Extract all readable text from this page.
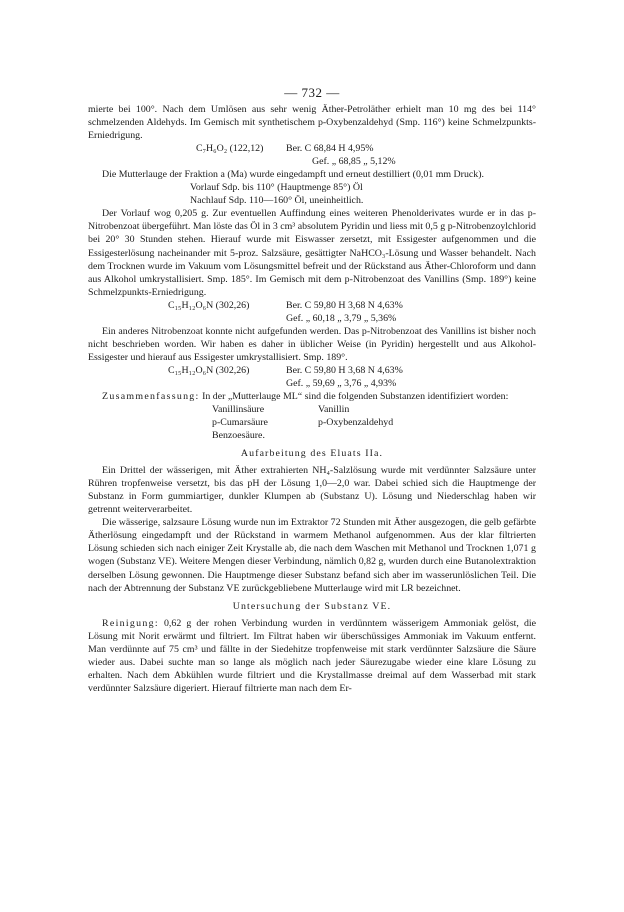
— 732 —

mierte bei 100°. Nach dem Umlösen aus sehr wenig Äther-Petroläther erhielt man 10 mg des bei 114° schmelzenden Aldehyds. Im Gemisch mit synthetischem p-Oxybenzaldehyd (Smp. 116°) keine Schmelzpunkts-Erniedrigung.

C₇H₆O₂ (122,12) Ber. C 68,84 H 4,95%
Gef. „ 68,85 „ 5,12%

Die Mutterlauge der Fraktion a (Ma) wurde eingedampft und erneut destilliert (0,01 mm Druck).

Vorlauf Sdp. bis 110° (Hauptmenge 85°) Öl
Nachlauf Sdp. 110—160° Öl, uneinheitlich.

Der Vorlauf wog 0,205 g. Zur eventuellen Auffindung eines weiteren Phenolderivates wurde er in das p-Nitrobenzoat übergeführt. Man löste das Öl in 3 cm³ absolutem Pyridin und liess mit 0,5 g p-Nitrobenzoylchlorid bei 20° 30 Stunden stehen. Hierauf wurde mit Eiswasser zersetzt, mit Essigester aufgenommen und die Essigesterlösung nacheinander mit 5-proz. Salzsäure, gesättigter NaHCO₃-Lösung und Wasser behandelt. Nach dem Trocknen wurde im Vakuum vom Lösungsmittel befreit und der Rückstand aus Äther-Chloroform und dann aus Alkohol umkrystallisiert. Smp. 185°. Im Gemisch mit dem p-Nitrobenzoat des Vanillins (Smp. 189°) keine Schmelzpunkts-Erniedrigung.

C₁₅H₁₂O₆N (302,26)	Ber. C 59,80 H 3,68 N 4,63%
Gef. „ 60,18 „ 3,79 „ 5,36%

Ein anderes Nitrobenzoat konnte nicht aufgefunden werden. Das p-Nitrobenzoat des Vanillins ist bisher noch nicht beschrieben worden. Wir haben es daher in üblicher Weise (in Pyridin) hergestellt und aus Alkohol-Essigester und hierauf aus Essigester umkrystallisiert. Smp. 189°.

C₁₅H₁₂O₆N (302,26)	Ber. C 59,80 H 3,68 N 4,63%
Gef. „ 59,69 „ 3,76 „ 4,93%

Zusammenfassung: In der „Mutterlauge ML“ sind die folgenden Substanzen identifiziert worden:

Vanillinsäure	Vanillin
p-Cumarsäure	p-Oxybenzaldehyd
Benzoesäure.
Aufarbeitung des Eluats IIa.

Ein Drittel der wässerigen, mit Äther extrahierten NH₄-Salzlösung wurde mit verdünnter Salzsäure unter Rühren tropfenweise versetzt, bis das pH der Lösung 1,0—2,0 war. Dabei schied sich die Hauptmenge der Substanz in Form gummiartiger, dunkler Klumpen ab (Substanz U). Lösung und Niederschlag haben wir getrennt weiterverarbeitet.

Die wässerige, salzsaure Lösung wurde nun im Extraktor 72 Stunden mit Äther ausgezogen, die gelb gefärbte Ätherlösung eingedampft und der Rückstand in warmem Methanol aufgenommen. Aus der klar filtrierten Lösung schieden sich nach einiger Zeit Krystalle ab, die nach dem Waschen mit Methanol und Trocknen 1,071 g wogen (Substanz VE). Weitere Mengen dieser Verbindung, nämlich 0,82 g, wurden durch eine Butanolextraktion derselben Lösung gewonnen. Die Hauptmenge dieser Substanz befand sich aber im wasserunlöslichen Teil. Die nach der Abtrennung der Substanz VE zurückgebliebene Mutterlauge wird mit LR bezeichnet.

Untersuchung der Substanz VE.

Reinigung: 0,62 g der rohen Verbindung wurden in verdünntem wässerigem Ammoniak gelöst, die Lösung mit Norit erwärmt und filtriert. Im Filtrat haben wir überschüssiges Ammoniak im Vakuum entfernt. Man verdünnte auf 75 cm³ und fällte in der Siedehitze tropfenweise mit stark verdünnter Salzsäure die Säure wieder aus. Dabei suchte man so lange als möglich nach jeder Säurezugabe wieder eine klare Lösung zu erhalten. Nach dem Abkühlen wurde filtriert und die Krystallmasse dreimal auf dem Wasserbad mit stark verdünnter Salzsäure digeriert. Hierauf filtrierte man nach dem Er-
